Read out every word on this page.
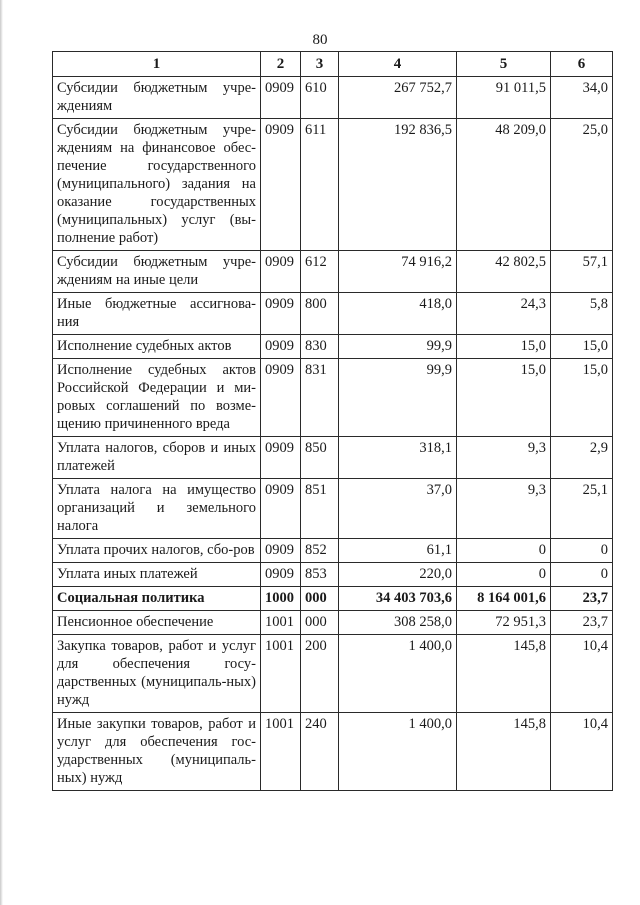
80
1	2	3	4	5	6
Субсидии бюджетным учре-ждениям	0909	610	267 752,7	91 011,5	34,0
Субсидии бюджетным учре-ждениям на финансовое обес-печение государственного (муниципального) задания на оказание государственных (муниципальных) услуг (вы-полнение работ)	0909	611	192 836,5	48 209,0	25,0
Субсидии бюджетным учре-ждениям на иные цели	0909	612	74 916,2	42 802,5	57,1
Иные бюджетные ассигнова-ния	0909	800	418,0	24,3	5,8
Исполнение судебных актов	0909	830	99,9	15,0	15,0
Исполнение судебных актов Российской Федерации и ми-ровых соглашений по возме-щению причиненного вреда	0909	831	99,9	15,0	15,0
Уплата налогов, сборов и иных платежей	0909	850	318,1	9,3	2,9
Уплата налога на имущество организаций и земельного налога	0909	851	37,0	9,3	25,1
Уплата прочих налогов, сбо-ров	0909	852	61,1	0	0
Уплата иных платежей	0909	853	220,0	0	0
Социальная политика	1000	000	34 403 703,6	8 164 001,6	23,7
Пенсионное обеспечение	1001	000	308 258,0	72 951,3	23,7
Закупка товаров, работ и услуг для обеспечения госу-дарственных (муниципаль-ных) нужд	1001	200	1 400,0	145,8	10,4
Иные закупки товаров, работ и услуг для обеспечения гос-ударственных (муниципаль-ных) нужд	1001	240	1 400,0	145,8	10,4
